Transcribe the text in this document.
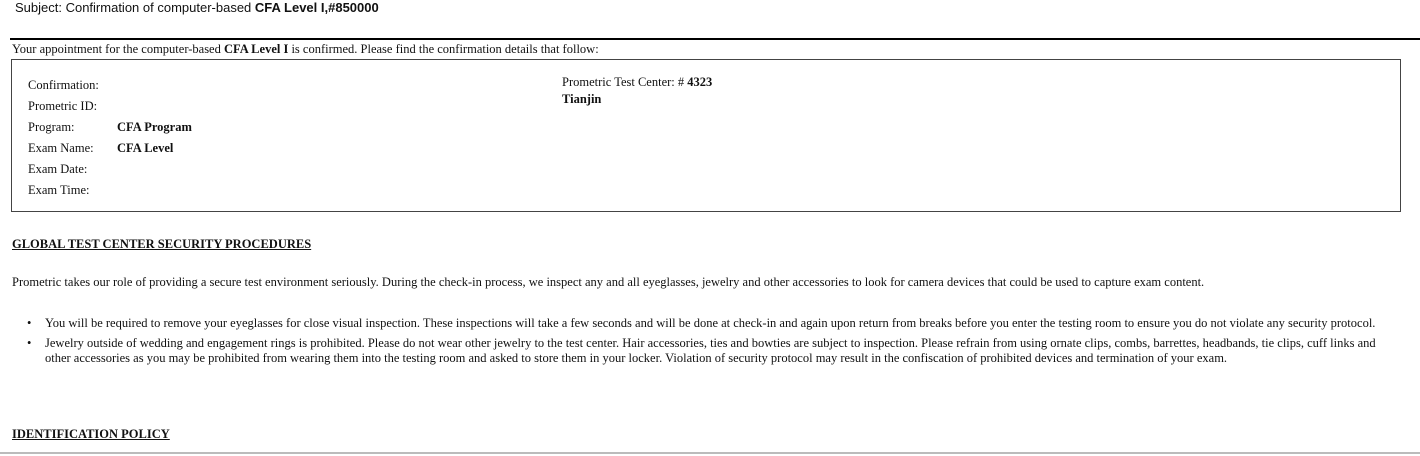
Subject: Confirmation of computer-based CFA Level I,#850000
Your appointment for the computer-based CFA Level I is confirmed. Please find the confirmation details that follow:
Confirmation:
Prometric ID:
Program:	CFA Program
Exam Name: CFA Level
Exam Date:
Exam Time:
Prometric Test Center: # 4323
Tianjin
GLOBAL TEST CENTER SECURITY PROCEDURES
Prometric takes our role of providing a secure test environment seriously. During the check-in process, we inspect any and all eyeglasses, jewelry and other accessories to look for camera devices that could be used to capture exam content.
• You will be required to remove your eyeglasses for close visual inspection. These inspections will take a few seconds and will be done at check-in and again upon return from breaks before you enter the testing room to ensure you do not violate any security protocol.
• Jewelry outside of wedding and engagement rings is prohibited. Please do not wear other jewelry to the test center. Hair accessories, ties and bowties are subject to inspection. Please refrain from using ornate clips, combs, barrettes, headbands, tie clips, cuff links and other accessories as you may be prohibited from wearing them into the testing room and asked to store them in your locker. Violation of security protocol may result in the confiscation of prohibited devices and termination of your exam.
IDENTIFICATION POLICY
